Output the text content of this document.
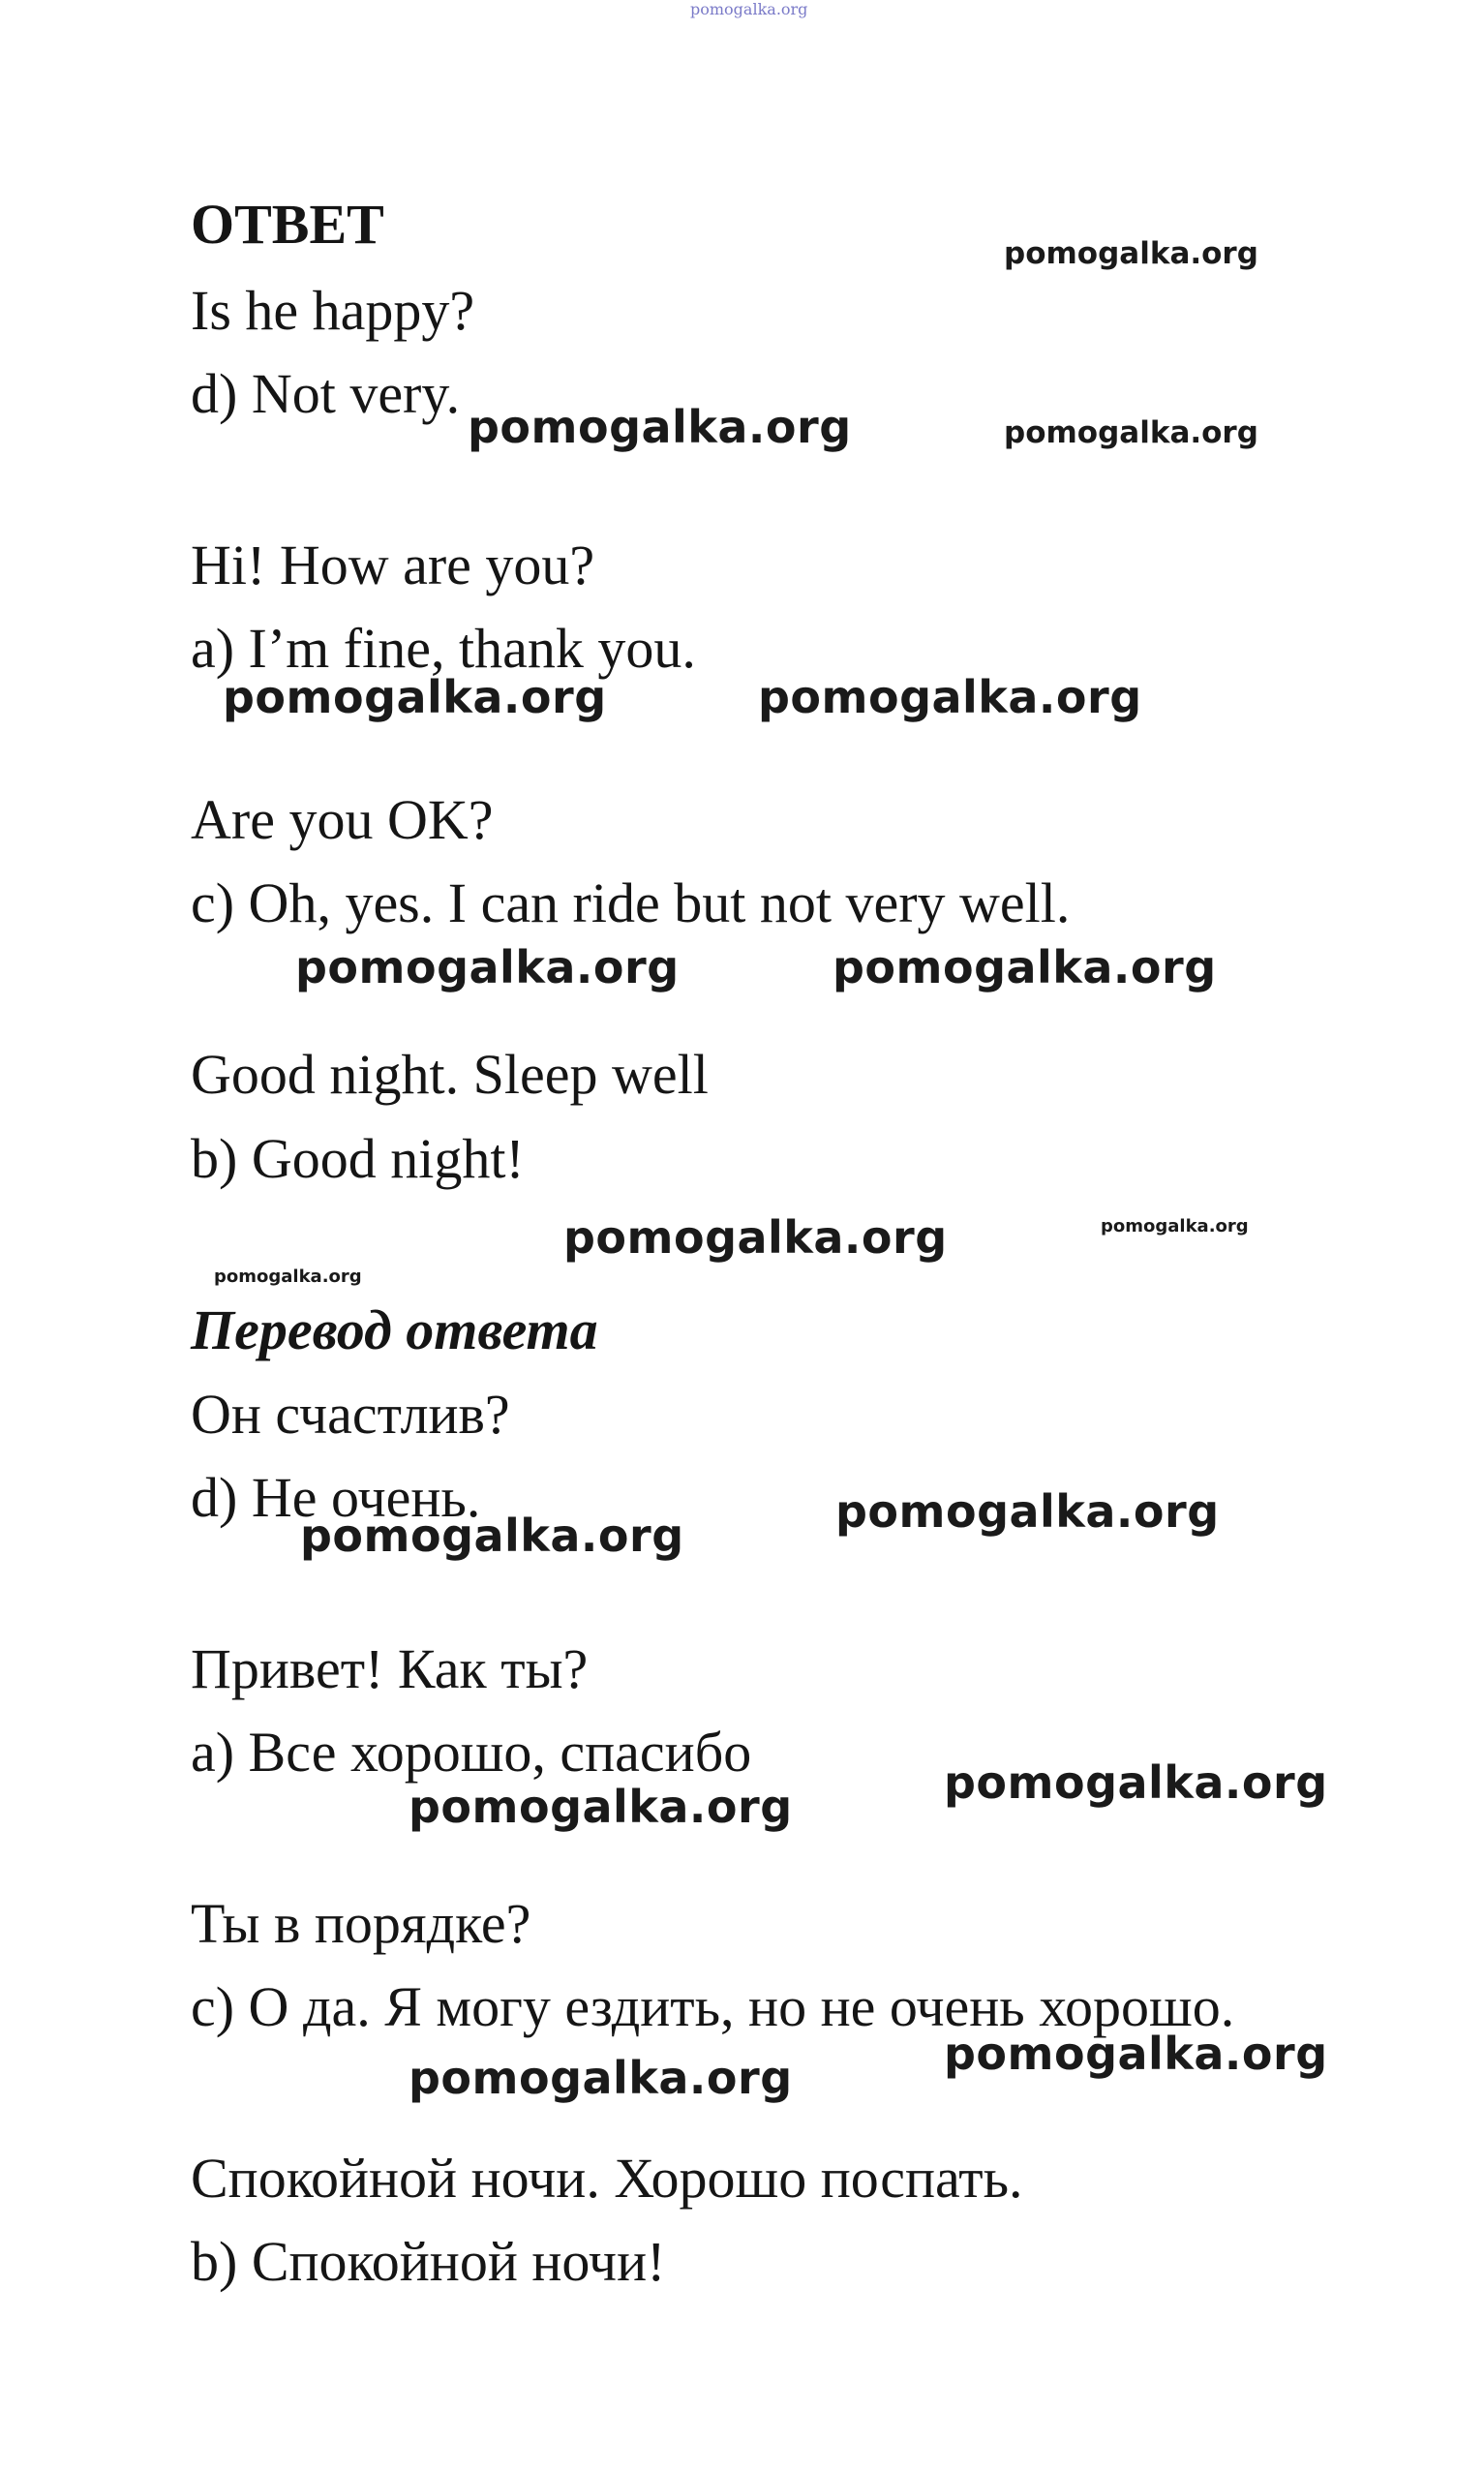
pomogalka.org
ОТВЕТ
Is he happy?
d) Not very.
Hi! How are you?
a) I’m fine, thank you.
Are you OK?
c) Oh, yes. I can ride but not very well.
Good night. Sleep well
b) Good night!
Перевод ответа
Он счастлив?
d) Не очень.
Привет! Как ты?
а) Все хорошо, спасибо
Ты в порядке?
с) О да. Я могу ездить, но не очень хорошо.
Спокойной ночи. Хорошо поспать.
b) Спокойной ночи!
pomogalka.org
pomogalka.org	pomogalka.org
pomogalka.org	pomogalka.org
pomogalka.org	pomogalka.org
pomogalka.org
pomogalka.org
pomogalka.org
pomogalka.org	pomogalka.org
pomogalka.org	pomogalka.org
pomogalka.org
pomogalka.org
